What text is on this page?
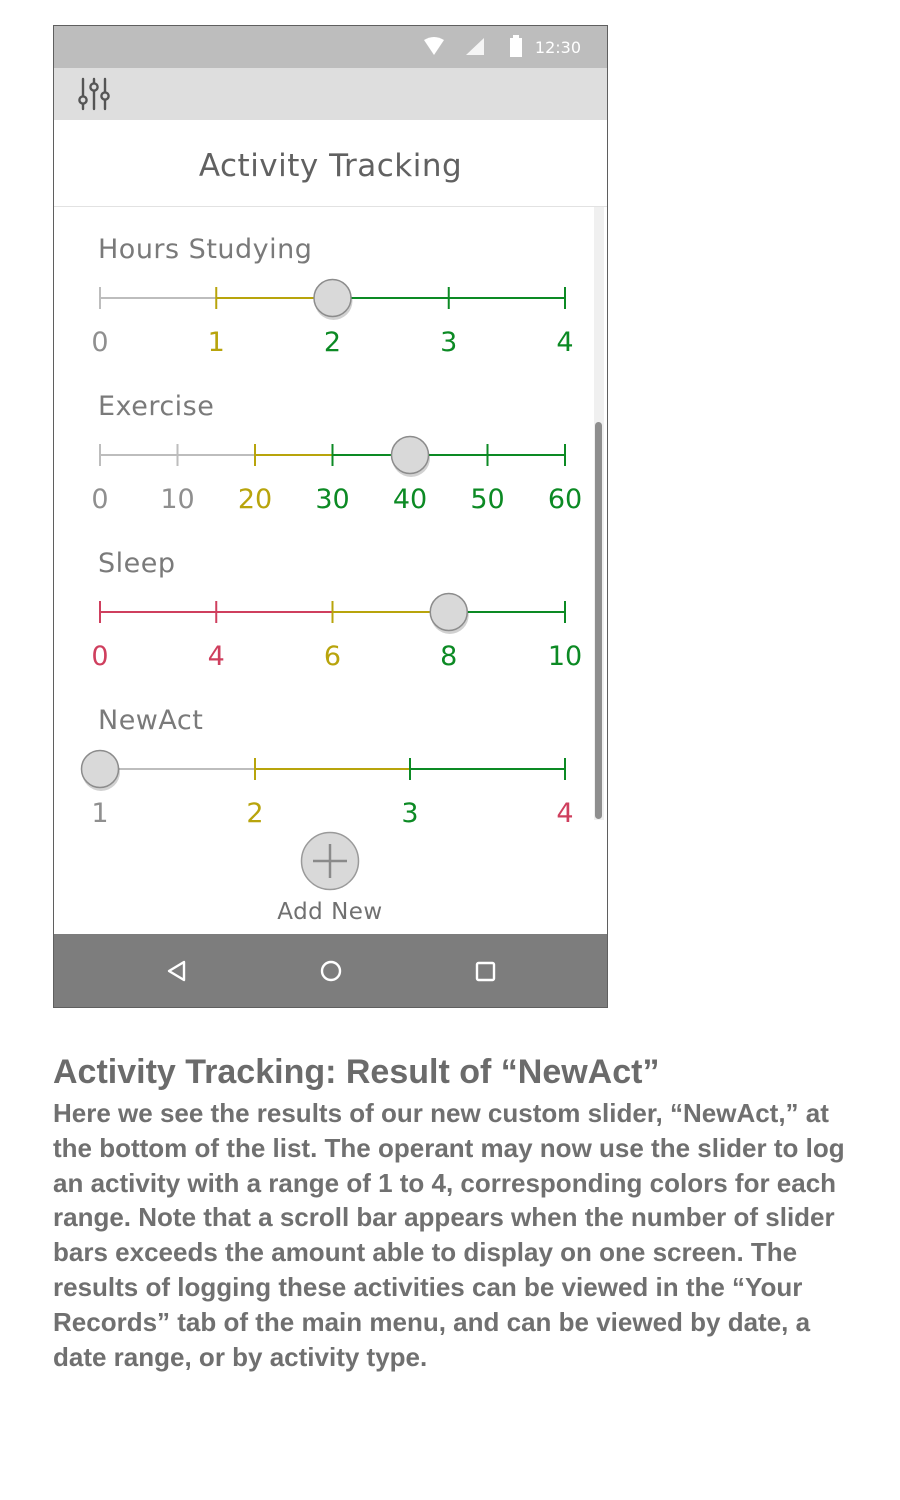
12:30
Activity Tracking
Hours Studying
0	1	2	3	4
Exercise
0 10 20 30 40 50 60
Sleep
0	4	6	8	10
NewAct
1	2	3	4
Add New
Activity Tracking: Result of “NewAct”

Here we see the results of our new custom slider, “NewAct,” at the bottom of the list. The operant may now use the slider to log an activity with a range of 1 to 4, corresponding colors for each range. Note that a scroll bar appears when the number of slider bars exceeds the amount able to display on one screen. The results of logging these activities can be viewed in the “Your Records” tab of the main menu, and can be viewed by date, a date range, or by activity type.
